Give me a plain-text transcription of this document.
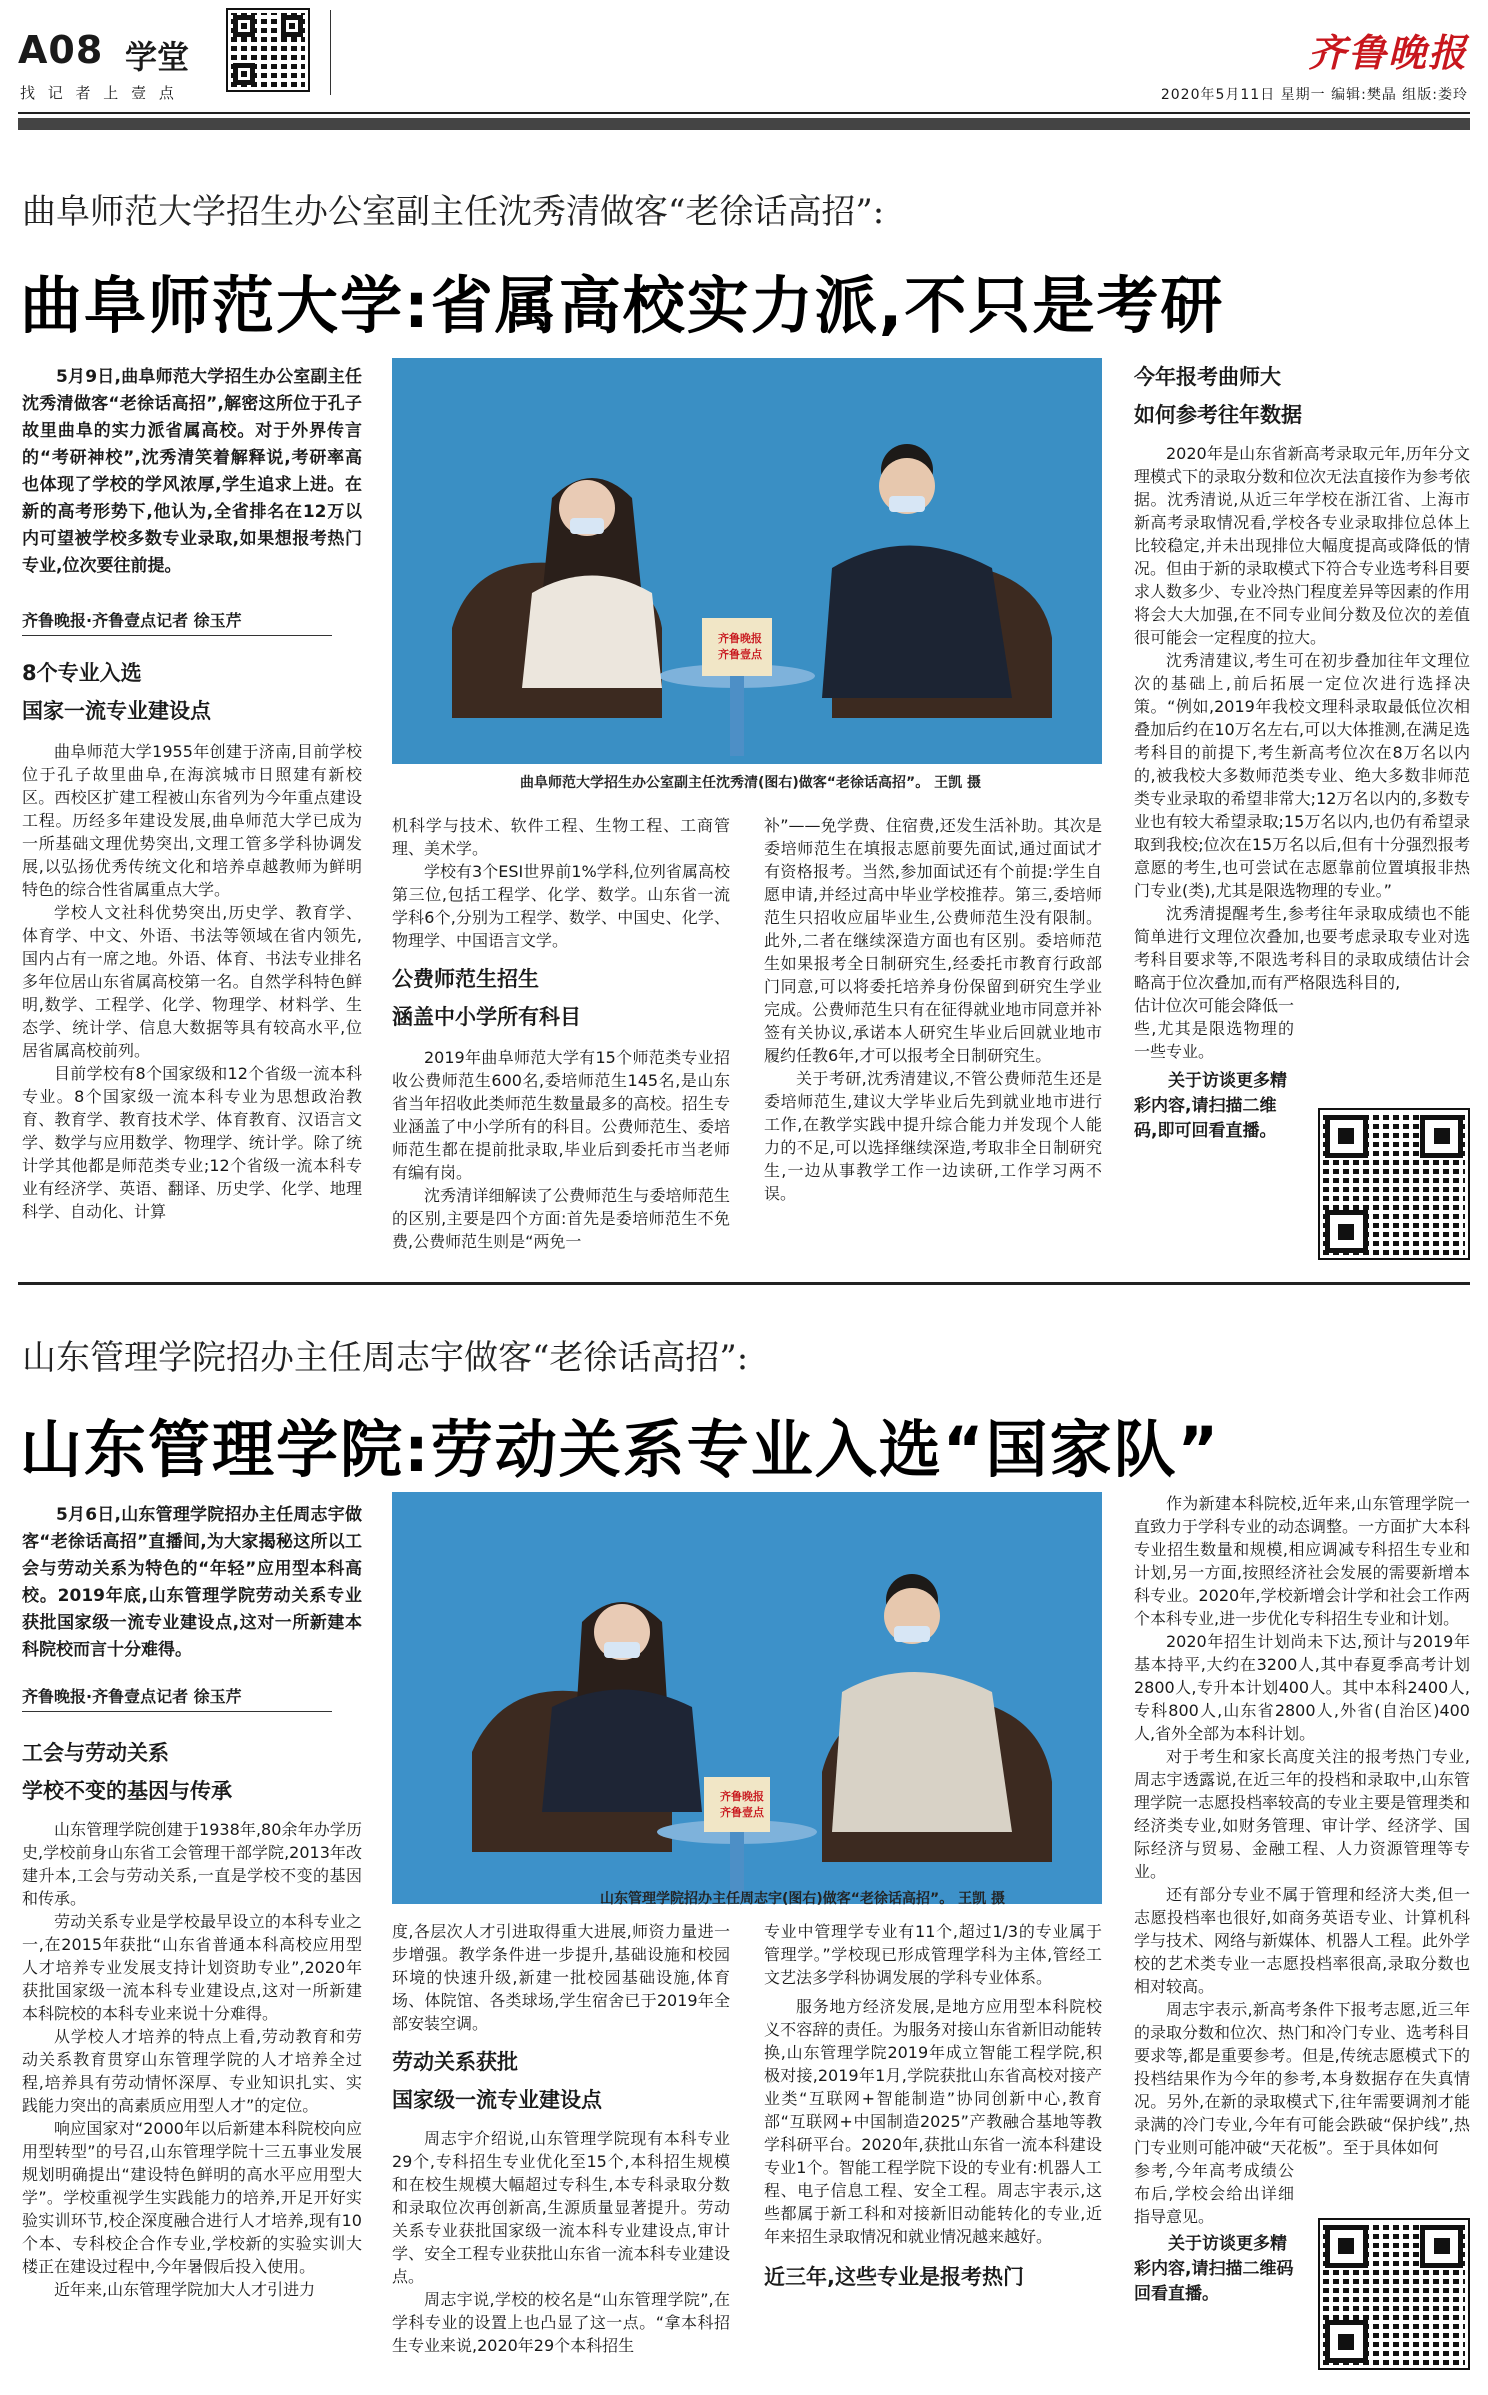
A08 学堂
找 记 者 上 壹 点
齐鲁晚报
2020年5月11日 星期一 编辑:樊晶 组版:娄玲
曲阜师范大学招生办公室副主任沈秀清做客“老徐话高招”:
曲阜师范大学:省属高校实力派,不只是考研
5月9日,曲阜师范大学招生办公室副主任沈秀清做客“老徐话高招”,解密这所位于孔子故里曲阜的实力派省属高校。对于外界传言的“考研神校”,沈秀清笑着解释说,考研率高也体现了学校的学风浓厚,学生追求上进。在新的高考形势下,他认为,全省排名在12万以内可望被学校多数专业录取,如果想报考热门专业,位次要往前提。
齐鲁晚报·齐鲁壹点记者 徐玉芹
齐鲁晚报 齐鲁壹点
曲阜师范大学招生办公室副主任沈秀清(图右)做客“老徐话高招”。 王凯 摄
8个专业入选
国家一流专业建设点

曲阜师范大学1955年创建于济南,目前学校位于孔子故里曲阜,在海滨城市日照建有新校区。西校区扩建工程被山东省列为今年重点建设工程。历经多年建设发展,曲阜师范大学已成为一所基础文理优势突出,文理工管多学科协调发展,以弘扬优秀传统文化和培养卓越教师为鲜明特色的综合性省属重点大学。

学校人文社科优势突出,历史学、教育学、体育学、中文、外语、书法等领域在省内领先,国内占有一席之地。外语、体育、书法专业排名多年位居山东省属高校第一名。自然学科特色鲜明,数学、工程学、化学、物理学、材料学、生态学、统计学、信息大数据等具有较高水平,位居省属高校前列。

目前学校有8个国家级和12个省级一流本科专业。8个国家级一流本科专业为思想政治教育、教育学、教育技术学、体育教育、汉语言文学、数学与应用数学、物理学、统计学。除了统计学其他都是师范类专业;12个省级一流本科专业有经济学、英语、翻译、历史学、化学、地理科学、自动化、计算

机科学与技术、软件工程、生物工程、工商管理、美术学。

学校有3个ESI世界前1%学科,位列省属高校第三位,包括工程学、化学、数学。山东省一流学科6个,分别为工程学、数学、中国史、化学、物理学、中国语言文学。

公费师范生招生
涵盖中小学所有科目

2019年曲阜师范大学有15个师范类专业招收公费师范生600名,委培师范生145名,是山东省当年招收此类师范生数量最多的高校。招生专业涵盖了中小学所有的科目。公费师范生、委培师范生都在提前批录取,毕业后到委托市当老师有编有岗。

沈秀清详细解读了公费师范生与委培师范生的区别,主要是四个方面:首先是委培师范生不免费,公费师范生则是“两免一

补”——免学费、住宿费,还发生活补助。其次是委培师范生在填报志愿前要先面试,通过面试才有资格报考。当然,参加面试还有个前提:学生自愿申请,并经过高中毕业学校推荐。第三,委培师范生只招收应届毕业生,公费师范生没有限制。此外,二者在继续深造方面也有区别。委培师范生如果报考全日制研究生,经委托市教育行政部门同意,可以将委托培养身份保留到研究生学业完成。公费师范生只有在征得就业地市同意并补签有关协议,承诺本人研究生毕业后回就业地市履约任教6年,才可以报考全日制研究生。

关于考研,沈秀清建议,不管公费师范生还是委培师范生,建议大学毕业后先到就业地市进行工作,在教学实践中提升综合能力并发现个人能力的不足,可以选择继续深造,考取非全日制研究生,一边从事教学工作一边读研,工作学习两不误。

今年报考曲师大
如何参考往年数据

2020年是山东省新高考录取元年,历年分文理模式下的录取分数和位次无法直接作为参考依据。沈秀清说,从近三年学校在浙江省、上海市新高考录取情况看,学校各专业录取排位总体上比较稳定,并未出现排位大幅度提高或降低的情况。但由于新的录取模式下符合专业选考科目要求人数多少、专业冷热门程度差异等因素的作用将会大大加强,在不同专业间分数及位次的差值很可能会一定程度的拉大。

沈秀清建议,考生可在初步叠加往年文理位次的基础上,前后拓展一定位次进行选择决策。“例如,2019年我校文理科录取最低位次相叠加后约在10万名左右,可以大体推测,在满足选考科目的前提下,考生新高考位次在8万名以内的,被我校大多数师范类专业、绝大多数非师范类专业录取的希望非常大;12万名以内的,多数专业也有较大希望录取;15万名以内,也仍有希望录取到我校;位次在15万名以后,但有十分强烈报考意愿的考生,也可尝试在志愿靠前位置填报非热门专业(类),尤其是限选物理的专业。”

沈秀清提醒考生,参考往年录取成绩也不能简单进行文理位次叠加,也要考虑录取专业对选考科目要求等,不限选考科目的录取成绩估计会略高于位次叠加,而有严格限选科目的,

估计位次可能会降低一些,尤其是限选物理的一些专业。

关于访谈更多精彩内容,请扫描二维码,即可回看直播。

山东管理学院招办主任周志宇做客“老徐话高招”:
山东管理学院:劳动关系专业入选“国家队”
5月6日,山东管理学院招办主任周志宇做客“老徐话高招”直播间,为大家揭秘这所以工会与劳动关系为特色的“年轻”应用型本科高校。2019年底,山东管理学院劳动关系专业获批国家级一流专业建设点,这对一所新建本科院校而言十分难得。
齐鲁晚报·齐鲁壹点记者 徐玉芹
齐鲁晚报 齐鲁壹点
山东管理学院招办主任周志宇(图右)做客“老徐话高招”。 王凯 摄
工会与劳动关系
学校不变的基因与传承

山东管理学院创建于1938年,80余年办学历史,学校前身山东省工会管理干部学院,2013年改建升本,工会与劳动关系,一直是学校不变的基因和传承。

劳动关系专业是学校最早设立的本科专业之一,在2015年获批“山东省普通本科高校应用型人才培养专业发展支持计划资助专业”,2020年获批国家级一流本科专业建设点,这对一所新建本科院校的本科专业来说十分难得。

从学校人才培养的特点上看,劳动教育和劳动关系教育贯穿山东管理学院的人才培养全过程,培养具有劳动情怀深厚、专业知识扎实、实践能力突出的高素质应用型人才”的定位。

响应国家对“2000年以后新建本科院校向应用型转型”的号召,山东管理学院十三五事业发展规划明确提出“建设特色鲜明的高水平应用型大学”。学校重视学生实践能力的培养,开足开好实验实训环节,校企深度融合进行人才培养,现有10个本、专科校企合作专业,学校新的实验实训大楼正在建设过程中,今年暑假后投入使用。

近年来,山东管理学院加大人才引进力

度,各层次人才引进取得重大进展,师资力量进一步增强。教学条件进一步提升,基础设施和校园环境的快速升级,新建一批校园基础设施,体育场、体院馆、各类球场,学生宿舍已于2019年全部安装空调。

劳动关系获批
国家级一流专业建设点

周志宇介绍说,山东管理学院现有本科专业29个,专科招生专业优化至15个,本科招生规模和在校生规模大幅超过专科生,本专科录取分数和录取位次再创新高,生源质量显著提升。劳动关系专业获批国家级一流本科专业建设点,审计学、安全工程专业获批山东省一流本科专业建设点。

周志宇说,学校的校名是“山东管理学院”,在学科专业的设置上也凸显了这一点。“拿本科招生专业来说,2020年29个本科招生

专业中管理学专业有11个,超过1/3的专业属于管理学。”学校现已形成管理学科为主体,管经工文艺法多学科协调发展的学科专业体系。

服务地方经济发展,是地方应用型本科院校义不容辞的责任。为服务对接山东省新旧动能转换,山东管理学院2019年成立智能工程学院,积极对接,2019年1月,学院获批山东省高校对接产业类“互联网+智能制造”协同创新中心,教育部“互联网+中国制造2025”产教融合基地等教学科研平台。2020年,获批山东省一流本科建设专业1个。智能工程学院下设的专业有:机器人工程、电子信息工程、安全工程。周志宇表示,这些都属于新工科和对接新旧动能转化的专业,近年来招生录取情况和就业情况越来越好。

近三年,这些专业是报考热门

作为新建本科院校,近年来,山东管理学院一直致力于学科专业的动态调整。一方面扩大本科专业招生数量和规模,相应调减专科招生专业和计划,另一方面,按照经济社会发展的需要新增本科专业。2020年,学校新增会计学和社会工作两个本科专业,进一步优化专科招生专业和计划。

2020年招生计划尚未下达,预计与2019年基本持平,大约在3200人,其中春夏季高考计划2800人,专升本计划400人。其中本科2400人,专科800人,山东省2800人,外省(自治区)400人,省外全部为本科计划。

对于考生和家长高度关注的报考热门专业,周志宇透露说,在近三年的投档和录取中,山东管理学院一志愿投档率较高的专业主要是管理类和经济类专业,如财务管理、审计学、经济学、国际经济与贸易、金融工程、人力资源管理等专业。

还有部分专业不属于管理和经济大类,但一志愿投档率也很好,如商务英语专业、计算机科学与技术、网络与新媒体、机器人工程。此外学校的艺术类专业一志愿投档率很高,录取分数也相对较高。

周志宇表示,新高考条件下报考志愿,近三年的录取分数和位次、热门和冷门专业、选考科目要求等,都是重要参考。但是,传统志愿模式下的投档结果作为今年的参考,本身数据存在失真情况。另外,在新的录取模式下,往年需要调剂才能录满的冷门专业,今年有可能会跌破“保护线”,热门专业则可能冲破“天花板”。至于具体如何

参考,今年高考成绩公布后,学校会给出详细指导意见。

关于访谈更多精彩内容,请扫描二维码回看直播。
